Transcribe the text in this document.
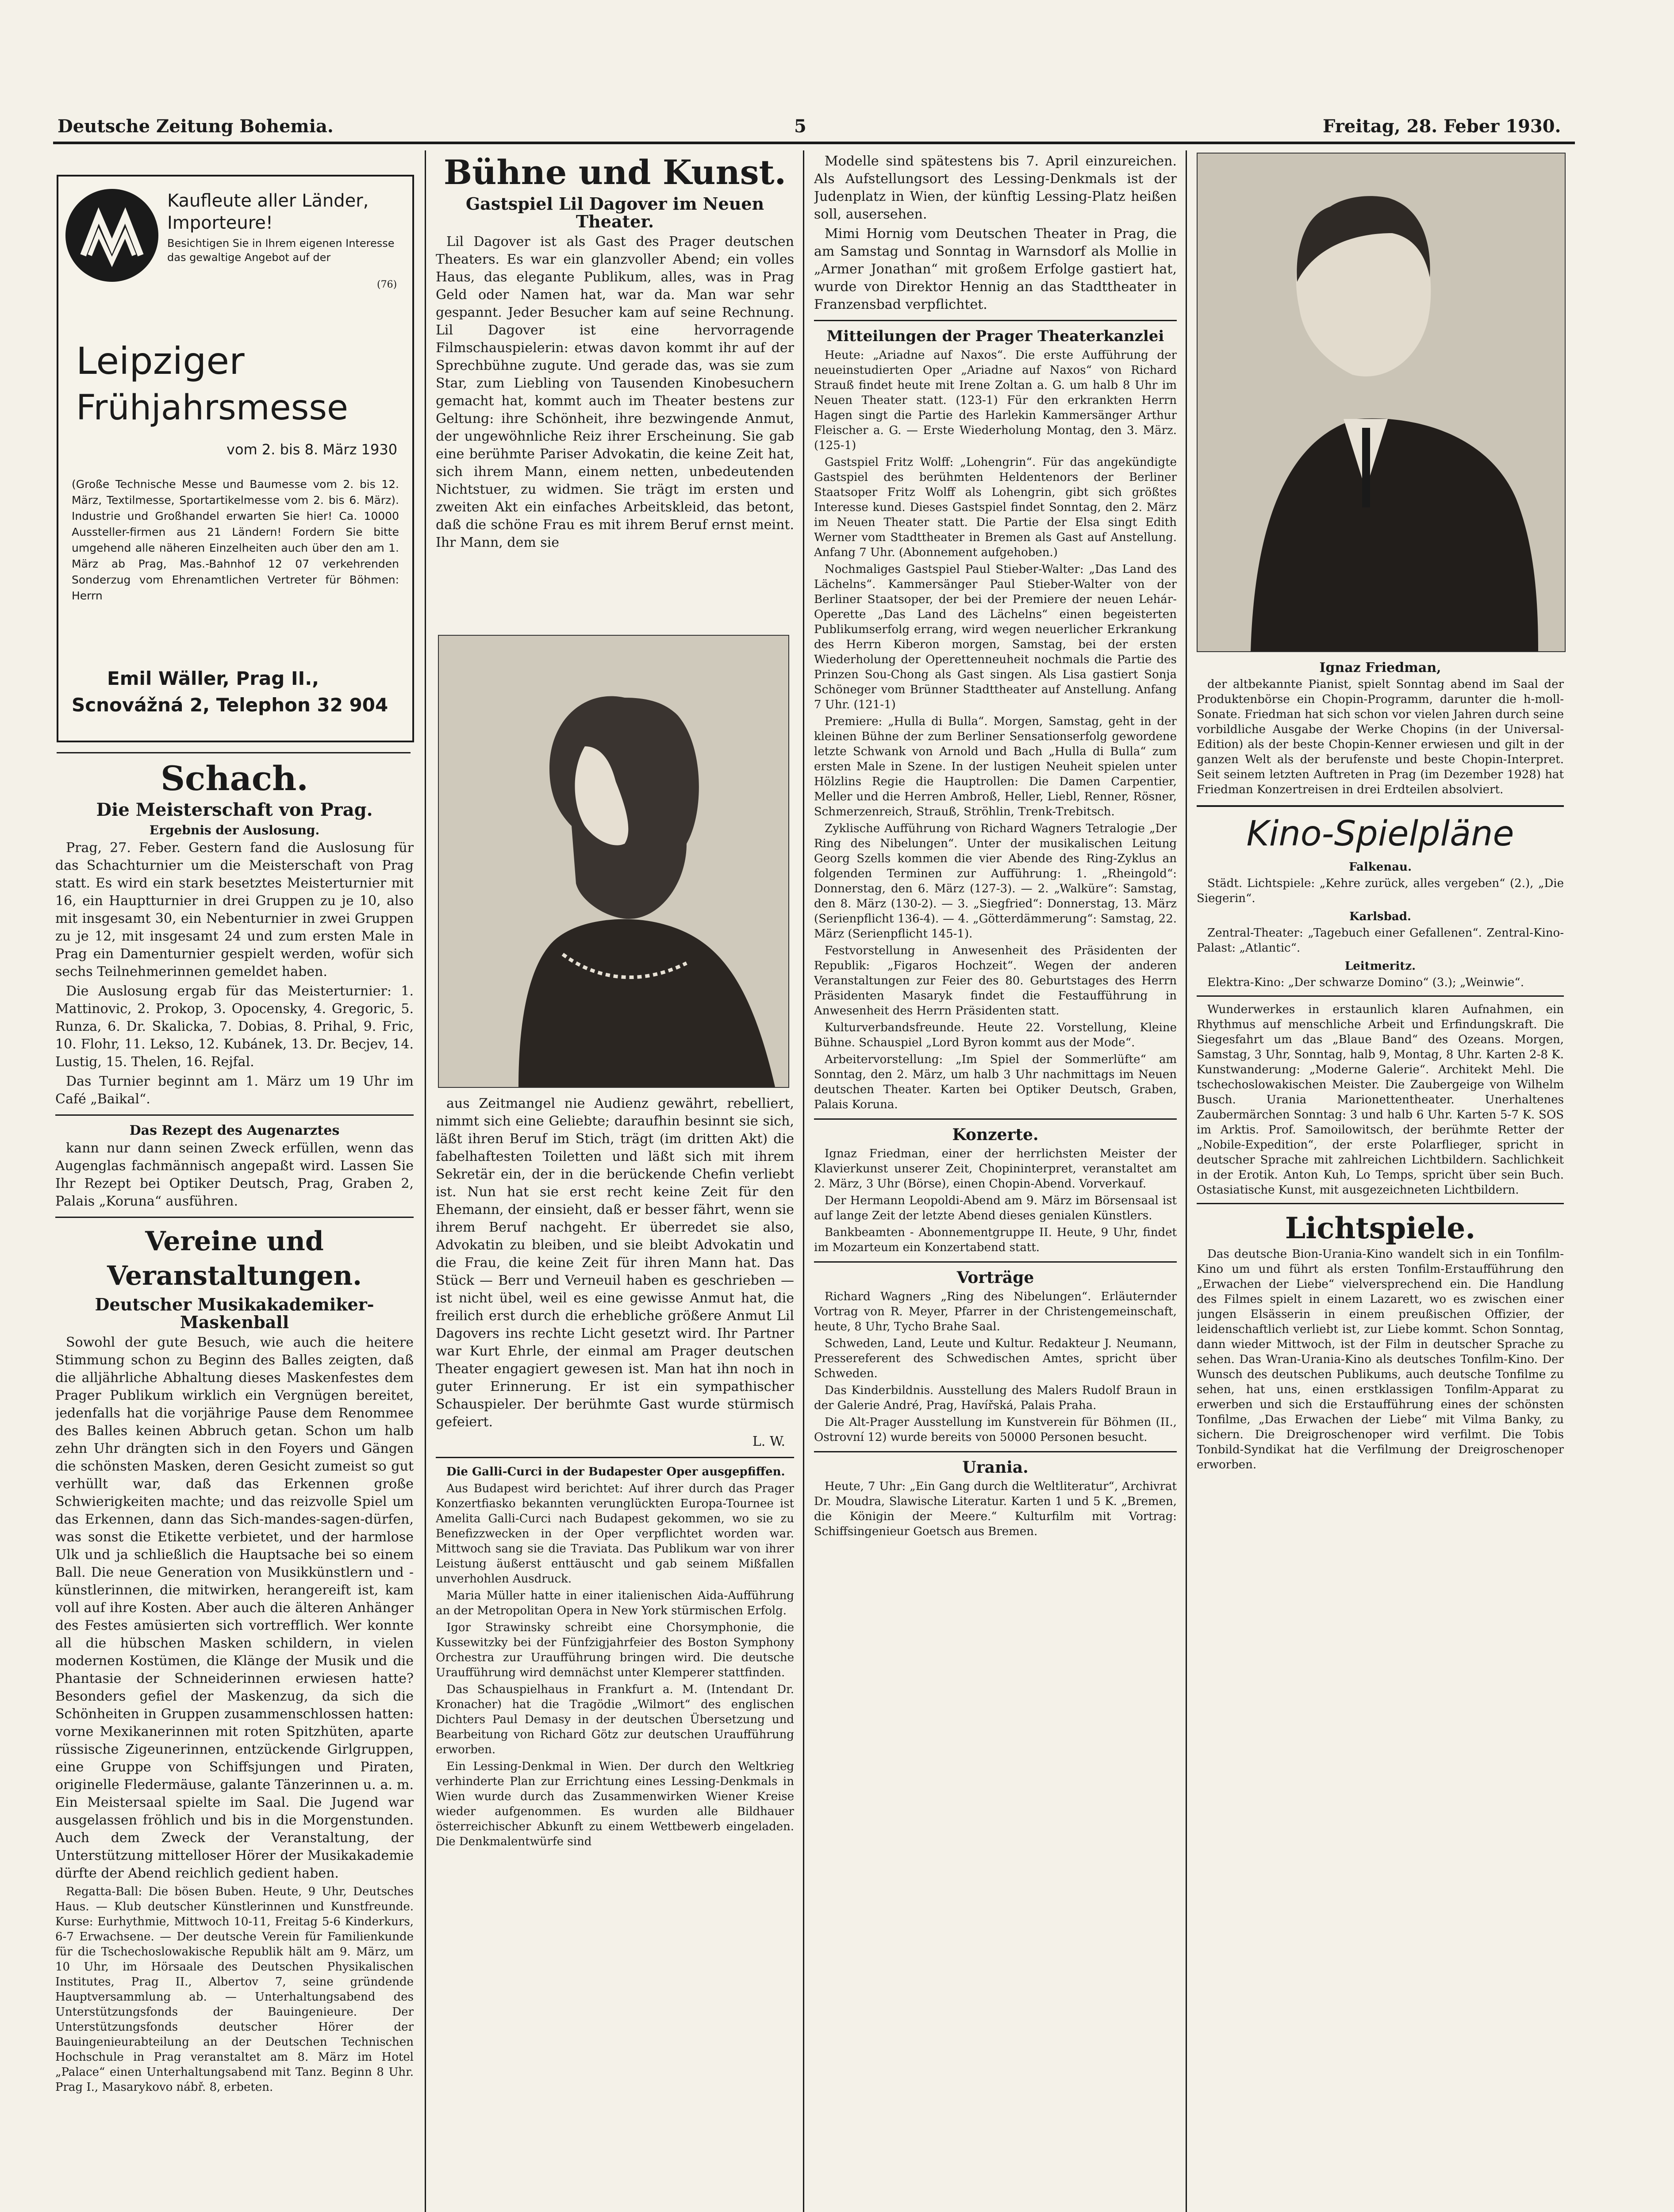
Deutsche Zeitung Bohemia.	5	Freitag, 28. Feber 1930.
Kaufleute aller Länder, Importeure!
Besichtigen Sie in Ihrem eigenen Interesse das gewaltige Angebot auf der
(76)
Leipziger
Frühjahrsmesse
vom 2. bis 8. März 1930
(Große Technische Messe und Baumesse vom 2. bis 12. März, Textilmesse, Sportartikelmesse vom 2. bis 6. März). Industrie und Großhandel erwarten Sie hier! Ca. 10000 Aussteller-firmen aus 21 Ländern! Fordern Sie bitte umgehend alle näheren Einzelheiten auch über den am 1. März ab Prag, Mas.-Bahnhof 12 07 verkehrenden Sonderzug vom Ehrenamtlichen Vertreter für Böhmen: Herrn
Emil Wäller, Prag II.,
Scnovážná 2, Telephon 32 904
Schach.
Die Meisterschaft von Prag.
Ergebnis der Auslosung.

Prag, 27. Feber. Gestern fand die Auslosung für das Schachturnier um die Meisterschaft von Prag statt. Es wird ein stark besetztes Meisterturnier mit 16, ein Hauptturnier in drei Gruppen zu je 10, also mit insgesamt 30, ein Nebenturnier in zwei Gruppen zu je 12, mit insgesamt 24 und zum ersten Male in Prag ein Damenturnier gespielt werden, wofür sich sechs Teilnehmerinnen gemeldet haben.

Die Auslosung ergab für das Meisterturnier: 1. Mattinovic, 2. Prokop, 3. Opocensky, 4. Gregoric, 5. Runza, 6. Dr. Skalicka, 7. Dobias, 8. Prihal, 9. Fric, 10. Flohr, 11. Lekso, 12. Kubánek, 13. Dr. Becjev, 14. Lustig, 15. Thelen, 16. Rejfal.

Das Turnier beginnt am 1. März um 19 Uhr im Café „Baikal“.

Das Rezept des Augenarztes

kann nur dann seinen Zweck erfüllen, wenn das Augenglas fachmännisch angepaßt wird. Lassen Sie Ihr Rezept bei Optiker Deutsch, Prag, Graben 2, Palais „Koruna“ ausführen.

Vereine und Veranstaltungen.
Deutscher Musikakademiker-Maskenball

Sowohl der gute Besuch, wie auch die heitere Stimmung schon zu Beginn des Balles zeigten, daß die alljährliche Abhaltung dieses Maskenfestes dem Prager Publikum wirklich ein Vergnügen bereitet, jedenfalls hat die vorjährige Pause dem Renommee des Balles keinen Abbruch getan. Schon um halb zehn Uhr drängten sich in den Foyers und Gängen die schönsten Masken, deren Gesicht zumeist so gut verhüllt war, daß das Erkennen große Schwierigkeiten machte; und das reizvolle Spiel um das Erkennen, dann das Sich-mandes-sagen-dürfen, was sonst die Etikette verbietet, und der harmlose Ulk und ja schließlich die Hauptsache bei so einem Ball. Die neue Generation von Musikkünstlern und -künstlerinnen, die mitwirken, herangereift ist, kam voll auf ihre Kosten. Aber auch die älteren Anhänger des Festes amüsierten sich vortrefflich. Wer konnte all die hübschen Masken schildern, in vielen modernen Kostümen, die Klänge der Musik und die Phantasie der Schneiderinnen erwiesen hatte? Besonders gefiel der Maskenzug, da sich die Schönheiten in Gruppen zusammenschlossen hatten: vorne Mexikanerinnen mit roten Spitzhüten, aparte rüssische Zigeunerinnen, entzückende Girlgruppen, eine Gruppe von Schiffsjungen und Piraten, originelle Fledermäuse, galante Tänzerinnen u. a. m. Ein Meistersaal spielte im Saal. Die Jugend war ausgelassen fröhlich und bis in die Morgenstunden. Auch dem Zweck der Veranstaltung, der Unterstützung mittelloser Hörer der Musikakademie dürfte der Abend reichlich gedient haben.

Regatta-Ball: Die bösen Buben. Heute, 9 Uhr, Deutsches Haus. — Klub deutscher Künstlerinnen und Kunstfreunde. Kurse: Eurhythmie, Mittwoch 10-11, Freitag 5-6 Kinderkurs, 6-7 Erwachsene. — Der deutsche Verein für Familienkunde für die Tschechoslowakische Republik hält am 9. März, um 10 Uhr, im Hörsaale des Deutschen Physikalischen Institutes, Prag II., Albertov 7, seine gründende Hauptversammlung ab. — Unterhaltungsabend des Unterstützungsfonds der Bauingenieure. Der Unterstützungsfonds deutscher Hörer der Bauingenieurabteilung an der Deutschen Technischen Hochschule in Prag veranstaltet am 8. März im Hotel „Palace“ einen Unterhaltungsabend mit Tanz. Beginn 8 Uhr. Prag I., Masarykovo nábř. 8, erbeten.

Bühne und Kunst.
Gastspiel Lil Dagover im Neuen Theater.

Lil Dagover ist als Gast des Prager deutschen Theaters. Es war ein glanzvoller Abend; ein volles Haus, das elegante Publikum, alles, was in Prag Geld oder Namen hat, war da. Man war sehr gespannt. Jeder Besucher kam auf seine Rechnung. Lil Dagover ist eine hervorragende Filmschauspielerin: etwas davon kommt ihr auf der Sprechbühne zugute. Und gerade das, was sie zum Star, zum Liebling von Tausenden Kinobesuchern gemacht hat, kommt auch im Theater bestens zur Geltung: ihre Schönheit, ihre bezwingende Anmut, der ungewöhnliche Reiz ihrer Erscheinung. Sie gab eine berühmte Pariser Advokatin, die keine Zeit hat, sich ihrem Mann, einem netten, unbedeutenden Nichtstuer, zu widmen. Sie trägt im ersten und zweiten Akt ein einfaches Arbeitskleid, das betont, daß die schöne Frau es mit ihrem Beruf ernst meint. Ihr Mann, dem sie

aus Zeitmangel nie Audienz gewährt, rebelliert, nimmt sich eine Geliebte; daraufhin besinnt sie sich, läßt ihren Beruf im Stich, trägt (im dritten Akt) die fabelhaftesten Toiletten und läßt sich mit ihrem Sekretär ein, der in die berückende Chefin verliebt ist. Nun hat sie erst recht keine Zeit für den Ehemann, der einsieht, daß er besser fährt, wenn sie ihrem Beruf nachgeht. Er überredet sie also, Advokatin zu bleiben, und sie bleibt Advokatin und die Frau, die keine Zeit für ihren Mann hat. Das Stück — Berr und Verneuil haben es geschrieben — ist nicht übel, weil es eine gewisse Anmut hat, die freilich erst durch die erhebliche größere Anmut Lil Dagovers ins rechte Licht gesetzt wird. Ihr Partner war Kurt Ehrle, der einmal am Prager deutschen Theater engagiert gewesen ist. Man hat ihn noch in guter Erinnerung. Er ist ein sympathischer Schauspieler. Der berühmte Gast wurde stürmisch gefeiert.

L. W.

Die Galli-Curci in der Budapester Oper ausgepfiffen.

Aus Budapest wird berichtet: Auf ihrer durch das Prager Konzertfiasko bekannten verunglückten Europa-Tournee ist Amelita Galli-Curci nach Budapest gekommen, wo sie zu Benefizzwecken in der Oper verpflichtet worden war. Mittwoch sang sie die Traviata. Das Publikum war von ihrer Leistung äußerst enttäuscht und gab seinem Mißfallen unverhohlen Ausdruck.

Maria Müller hatte in einer italienischen Aida-Aufführung an der Metropolitan Opera in New York stürmischen Erfolg.

Igor Strawinsky schreibt eine Chorsymphonie, die Kussewitzky bei der Fünfzigjahrfeier des Boston Symphony Orchestra zur Uraufführung bringen wird. Die deutsche Uraufführung wird demnächst unter Klemperer stattfinden.

Das Schauspielhaus in Frankfurt a. M. (Intendant Dr. Kronacher) hat die Tragödie „Wilmort“ des englischen Dichters Paul Demasy in der deutschen Übersetzung und Bearbeitung von Richard Götz zur deutschen Uraufführung erworben.

Ein Lessing-Denkmal in Wien. Der durch den Weltkrieg verhinderte Plan zur Errichtung eines Lessing-Denkmals in Wien wurde durch das Zusammenwirken Wiener Kreise wieder aufgenommen. Es wurden alle Bildhauer österreichischer Abkunft zu einem Wettbewerb eingeladen. Die Denkmalentwürfe sind

Modelle sind spätestens bis 7. April einzureichen. Als Aufstellungsort des Lessing-Denkmals ist der Judenplatz in Wien, der künftig Lessing-Platz heißen soll, ausersehen.

Mimi Hornig vom Deutschen Theater in Prag, die am Samstag und Sonntag in Warnsdorf als Mollie in „Armer Jonathan“ mit großem Erfolge gastiert hat, wurde von Direktor Hennig an das Stadttheater in Franzensbad verpflichtet.

Mitteilungen der Prager Theaterkanzlei

Heute: „Ariadne auf Naxos“. Die erste Aufführung der neueinstudierten Oper „Ariadne auf Naxos“ von Richard Strauß findet heute mit Irene Zoltan a. G. um halb 8 Uhr im Neuen Theater statt. (123-1) Für den erkrankten Herrn Hagen singt die Partie des Harlekin Kammersänger Arthur Fleischer a. G. — Erste Wiederholung Montag, den 3. März. (125-1)

Gastspiel Fritz Wolff: „Lohengrin“. Für das angekündigte Gastspiel des berühmten Heldentenors der Berliner Staatsoper Fritz Wolff als Lohengrin, gibt sich größtes Interesse kund. Dieses Gastspiel findet Sonntag, den 2. März im Neuen Theater statt. Die Partie der Elsa singt Edith Werner vom Stadttheater in Bremen als Gast auf Anstellung. Anfang 7 Uhr. (Abonnement aufgehoben.)

Nochmaliges Gastspiel Paul Stieber-Walter: „Das Land des Lächelns“. Kammersänger Paul Stieber-Walter von der Berliner Staatsoper, der bei der Premiere der neuen Lehár-Operette „Das Land des Lächelns“ einen begeisterten Publikumserfolg errang, wird wegen neuerlicher Erkrankung des Herrn Kiberon morgen, Samstag, bei der ersten Wiederholung der Operettenneuheit nochmals die Partie des Prinzen Sou-Chong als Gast singen. Als Lisa gastiert Sonja Schöneger vom Brünner Stadttheater auf Anstellung. Anfang 7 Uhr. (121-1)

Premiere: „Hulla di Bulla“. Morgen, Samstag, geht in der kleinen Bühne der zum Berliner Sensationserfolg gewordene letzte Schwank von Arnold und Bach „Hulla di Bulla“ zum ersten Male in Szene. In der lustigen Neuheit spielen unter Hölzlins Regie die Hauptrollen: Die Damen Carpentier, Meller und die Herren Ambroß, Heller, Liebl, Renner, Rösner, Schmerzenreich, Strauß, Ströhlin, Trenk-Trebitsch.

Zyklische Aufführung von Richard Wagners Tetralogie „Der Ring des Nibelungen“. Unter der musikalischen Leitung Georg Szells kommen die vier Abende des Ring-Zyklus an folgenden Terminen zur Aufführung: 1. „Rheingold“: Donnerstag, den 6. März (127-3). — 2. „Walküre“: Samstag, den 8. März (130-2). — 3. „Siegfried“: Donnerstag, 13. März (Serienpflicht 136-4). — 4. „Götterdämmerung“: Samstag, 22. März (Serienpflicht 145-1).

Festvorstellung in Anwesenheit des Präsidenten der Republik: „Figaros Hochzeit“. Wegen der anderen Veranstaltungen zur Feier des 80. Geburtstages des Herrn Präsidenten Masaryk findet die Festaufführung in Anwesenheit des Herrn Präsidenten statt.

Kulturverbandsfreunde. Heute 22. Vorstellung, Kleine Bühne. Schauspiel „Lord Byron kommt aus der Mode“.

Arbeitervorstellung: „Im Spiel der Sommerlüfte“ am Sonntag, den 2. März, um halb 3 Uhr nachmittags im Neuen deutschen Theater. Karten bei Optiker Deutsch, Graben, Palais Koruna.

Konzerte.

Ignaz Friedman, einer der herrlichsten Meister der Klavierkunst unserer Zeit, Chopininterpret, veranstaltet am 2. März, 3 Uhr (Börse), einen Chopin-Abend. Vorverkauf.

Der Hermann Leopoldi-Abend am 9. März im Börsensaal ist auf lange Zeit der letzte Abend dieses genialen Künstlers.

Bankbeamten - Abonnementgruppe II. Heute, 9 Uhr, findet im Mozarteum ein Konzertabend statt.

Vorträge

Richard Wagners „Ring des Nibelungen“. Erläuternder Vortrag von R. Meyer, Pfarrer in der Christengemeinschaft, heute, 8 Uhr, Tycho Brahe Saal.

Schweden, Land, Leute und Kultur. Redakteur J. Neumann, Pressereferent des Schwedischen Amtes, spricht über Schweden.

Das Kinderbildnis. Ausstellung des Malers Rudolf Braun in der Galerie André, Prag, Havířská, Palais Praha.

Die Alt-Prager Ausstellung im Kunstverein für Böhmen (II., Ostrovní 12) wurde bereits von 50000 Personen besucht.

Urania.

Heute, 7 Uhr: „Ein Gang durch die Weltliteratur“, Archivrat Dr. Moudra, Slawische Literatur. Karten 1 und 5 K. „Bremen, die Königin der Meere.“ Kulturfilm mit Vortrag: Schiffsingenieur Goetsch aus Bremen.

Ignaz Friedman,

der altbekannte Pianist, spielt Sonntag abend im Saal der Produktenbörse ein Chopin-Programm, darunter die h-moll-Sonate. Friedman hat sich schon vor vielen Jahren durch seine vorbildliche Ausgabe der Werke Chopins (in der Universal-Edition) als der beste Chopin-Kenner erwiesen und gilt in der ganzen Welt als der berufenste und beste Chopin-Interpret. Seit seinem letzten Auftreten in Prag (im Dezember 1928) hat Friedman Konzertreisen in drei Erdteilen absolviert.

Kino-Spielpläne
Falkenau.

Städt. Lichtspiele: „Kehre zurück, alles vergeben“ (2.), „Die Siegerin“.

Karlsbad.

Zentral-Theater: „Tagebuch einer Gefallenen“. Zentral-Kino-Palast: „Atlantic“.

Leitmeritz.

Elektra-Kino: „Der schwarze Domino“ (3.); „Weinwie“.

Wunderwerkes in erstaunlich klaren Aufnahmen, ein Rhythmus auf menschliche Arbeit und Erfindungskraft. Die Siegesfahrt um das „Blaue Band“ des Ozeans. Morgen, Samstag, 3 Uhr, Sonntag, halb 9, Montag, 8 Uhr. Karten 2-8 K. Kunstwanderung: „Moderne Galerie“. Architekt Mehl. Die tschechoslowakischen Meister. Die Zaubergeige von Wilhelm Busch. Urania Marionettentheater. Unerhaltenes Zaubermärchen Sonntag: 3 und halb 6 Uhr. Karten 5-7 K. SOS im Arktis. Prof. Samoilowitsch, der berühmte Retter der „Nobile-Expedition“, der erste Polarflieger, spricht in deutscher Sprache mit zahlreichen Lichtbildern. Sachlichkeit in der Erotik. Anton Kuh, Lo Temps, spricht über sein Buch. Ostasiatische Kunst, mit ausgezeichneten Lichtbildern.

Lichtspiele.

Das deutsche Bion-Urania-Kino wandelt sich in ein Tonfilm-Kino um und führt als ersten Tonfilm-Erstaufführung den „Erwachen der Liebe“ vielversprechend ein. Die Handlung des Filmes spielt in einem Lazarett, wo es zwischen einer jungen Elsässerin in einem preußischen Offizier, der leidenschaftlich verliebt ist, zur Liebe kommt. Schon Sonntag, dann wieder Mittwoch, ist der Film in deutscher Sprache zu sehen. Das Wran-Urania-Kino als deutsches Tonfilm-Kino. Der Wunsch des deutschen Publikums, auch deutsche Tonfilme zu sehen, hat uns, einen erstklassigen Tonfilm-Apparat zu erwerben und sich die Erstaufführung eines der schönsten Tonfilme, „Das Erwachen der Liebe“ mit Vilma Banky, zu sichern. Die Dreigroschenoper wird verfilmt. Die Tobis Tonbild-Syndikat hat die Verfilmung der Dreigroschenoper erworben.
